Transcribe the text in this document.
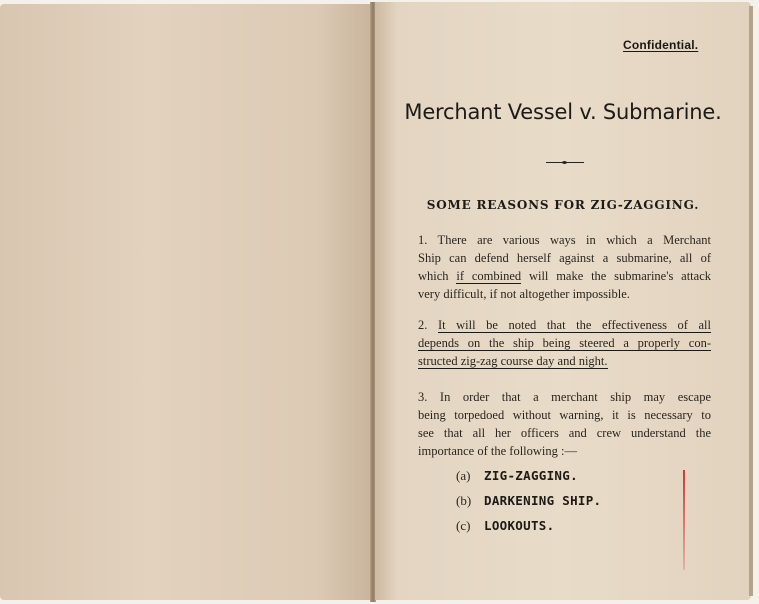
Confidential.
Merchant Vessel v. Submarine.
SOME REASONS FOR ZIG-ZAGGING.
1. There are various ways in which a Merchant
Ship can defend herself against a submarine, all of
which if combined will make the submarine's attack
very difficult, if not altogether impossible.
2. It will be noted that the effectiveness of all
depends on the ship being steered a properly con-
structed zig-zag course day and night.
3. In order that a merchant ship may escape
being torpedoed without warning, it is necessary to
see that all her officers and crew understand the
importance of the following :—
(a) ZIG-ZAGGING.
(b) DARKENING SHIP.
(c) LOOKOUTS.
